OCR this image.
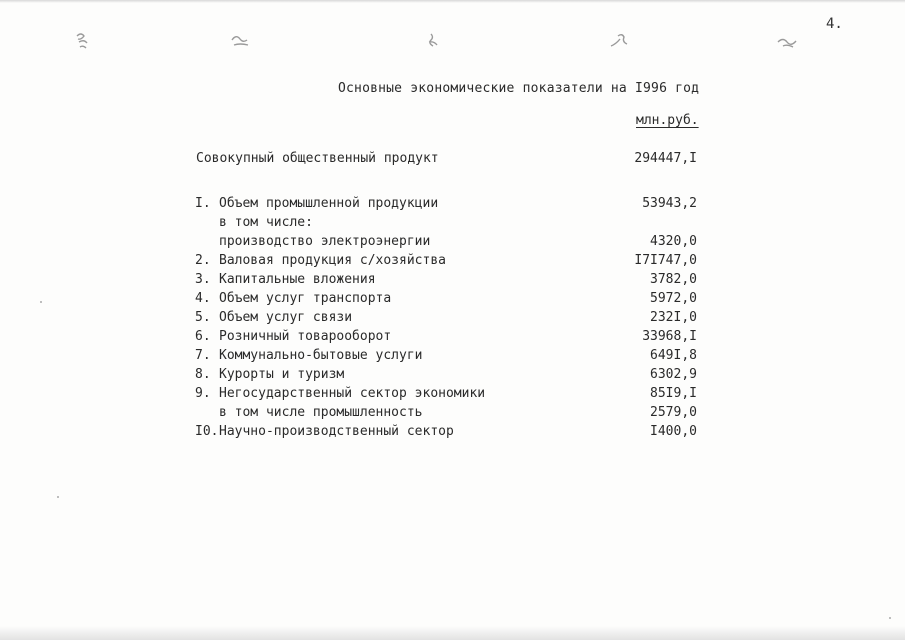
4.
Основные экономические показатели на I996 год
млн.руб.
Совокупный общественный продукт	294447,I
I. Объем промышленной продукции	53943,2
в том числе:
производство электроэнергии	4320,0
2. Валовая продукция с/хозяйства	I7I747,0
3. Капитальные вложения	3782,0
4. Объем услуг транспорта	5972,0
5. Объем услуг связи	232I,0
6. Розничный товарооборот	33968,I
7. Коммунально-бытовые услуги	649I,8
8. Курорты и туризм	6302,9
9. Негосударственный сектор экономики	85I9,I
в том числе промышленность	2579,0
I0. Научно-производственный сектор	I400,0
